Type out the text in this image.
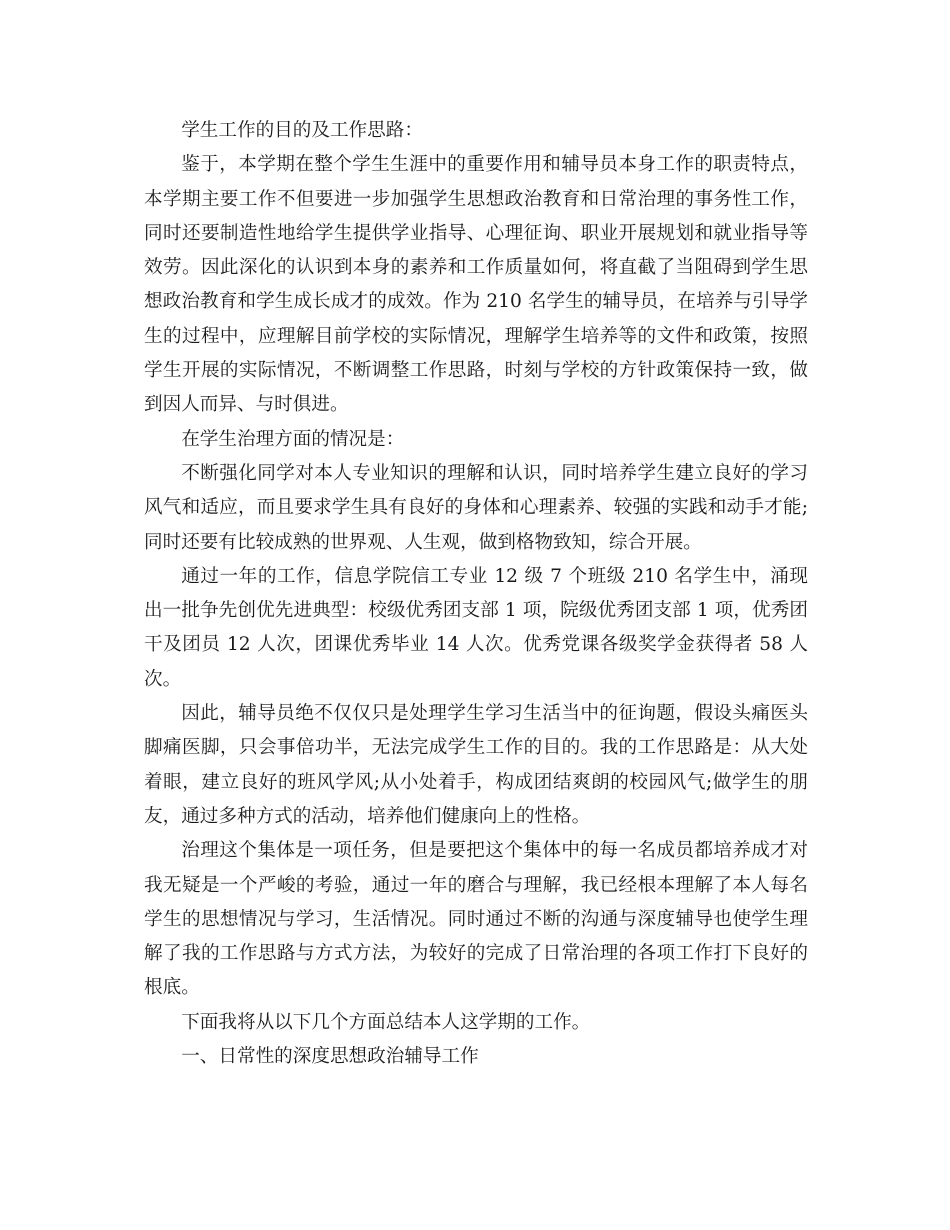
学生工作的目的及工作思路：

鉴于，本学期在整个学生生涯中的重要作用和辅导员本身工作的职责特点，本学期主要工作不但要进一步加强学生思想政治教育和日常治理的事务性工作，同时还要制造性地给学生提供学业指导、心理征询、职业开展规划和就业指导等效劳。因此深化的认识到本身的素养和工作质量如何，将直截了当阻碍到学生思想政治教育和学生成长成才的成效。作为 210 名学生的辅导员，在培养与引导学生的过程中，应理解目前学校的实际情况，理解学生培养等的文件和政策，按照学生开展的实际情况，不断调整工作思路，时刻与学校的方针政策保持一致，做到因人而异、与时俱进。

在学生治理方面的情况是：

不断强化同学对本人专业知识的理解和认识，同时培养学生建立良好的学习风气和适应，而且要求学生具有良好的身体和心理素养、较强的实践和动手才能;同时还要有比较成熟的世界观、人生观，做到格物致知，综合开展。

通过一年的工作，信息学院信工专业 12 级 7 个班级 210 名学生中，涌现出一批争先创优先进典型：校级优秀团支部 1 项，院级优秀团支部 1 项，优秀团干及团员 12 人次，团课优秀毕业 14 人次。优秀党课各级奖学金获得者 58 人次。

因此，辅导员绝不仅仅只是处理学生学习生活当中的征询题，假设头痛医头脚痛医脚，只会事倍功半，无法完成学生工作的目的。我的工作思路是：从大处着眼，建立良好的班风学风;从小处着手，构成团结爽朗的校园风气;做学生的朋友，通过多种方式的活动，培养他们健康向上的性格。

治理这个集体是一项任务，但是要把这个集体中的每一名成员都培养成才对我无疑是一个严峻的考验，通过一年的磨合与理解，我已经根本理解了本人每名学生的思想情况与学习，生活情况。同时通过不断的沟通与深度辅导也使学生理解了我的工作思路与方式方法，为较好的完成了日常治理的各项工作打下良好的根底。

下面我将从以下几个方面总结本人这学期的工作。

一、日常性的深度思想政治辅导工作
